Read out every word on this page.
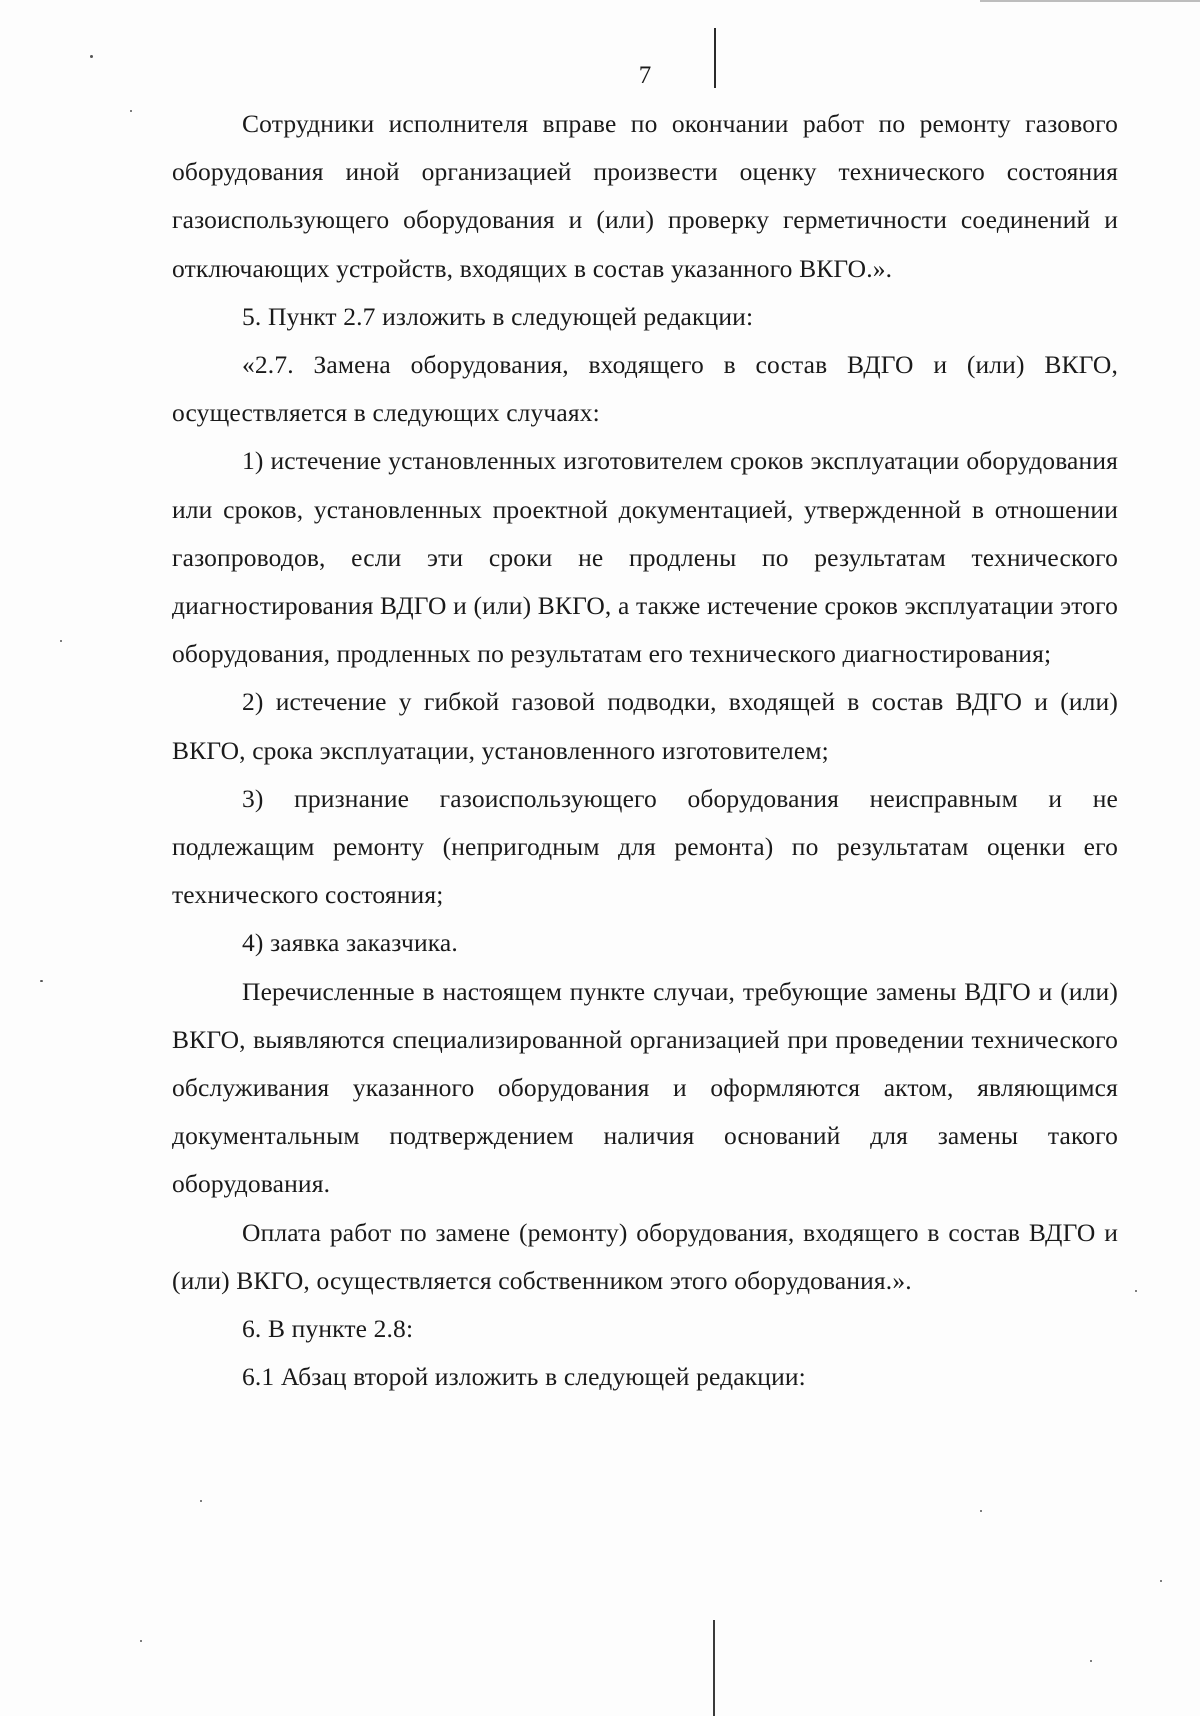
7

Сотрудники исполнителя вправе по окончании работ по ремонту газового оборудования иной организацией произвести оценку технического состояния газоиспользующего оборудования и (или) проверку герметичности соединений и отключающих устройств, входящих в состав указанного ВКГО.».

5. Пункт 2.7 изложить в следующей редакции:

«2.7. Замена оборудования, входящего в состав ВДГО и (или) ВКГО, осуществляется в следующих случаях:

1) истечение установленных изготовителем сроков эксплуатации оборудования или сроков, установленных проектной документацией, утвержденной в отношении газопроводов, если эти сроки не продлены по результатам технического диагностирования ВДГО и (или) ВКГО, а также истечение сроков эксплуатации этого оборудования, продленных по результатам его технического диагностирования;

2) истечение у гибкой газовой подводки, входящей в состав ВДГО и (или) ВКГО, срока эксплуатации, установленного изготовителем;

3) признание газоиспользующего оборудования неисправным и не подлежащим ремонту (непригодным для ремонта) по результатам оценки его технического состояния;

4) заявка заказчика.

Перечисленные в настоящем пункте случаи, требующие замены ВДГО и (или) ВКГО, выявляются специализированной организацией при проведении технического обслуживания указанного оборудования и оформляются актом, являющимся документальным подтверждением наличия оснований для замены такого оборудования.

Оплата работ по замене (ремонту) оборудования, входящего в состав ВДГО и (или) ВКГО, осуществляется собственником этого оборудования.».

6. В пункте 2.8:

6.1 Абзац второй изложить в следующей редакции:
